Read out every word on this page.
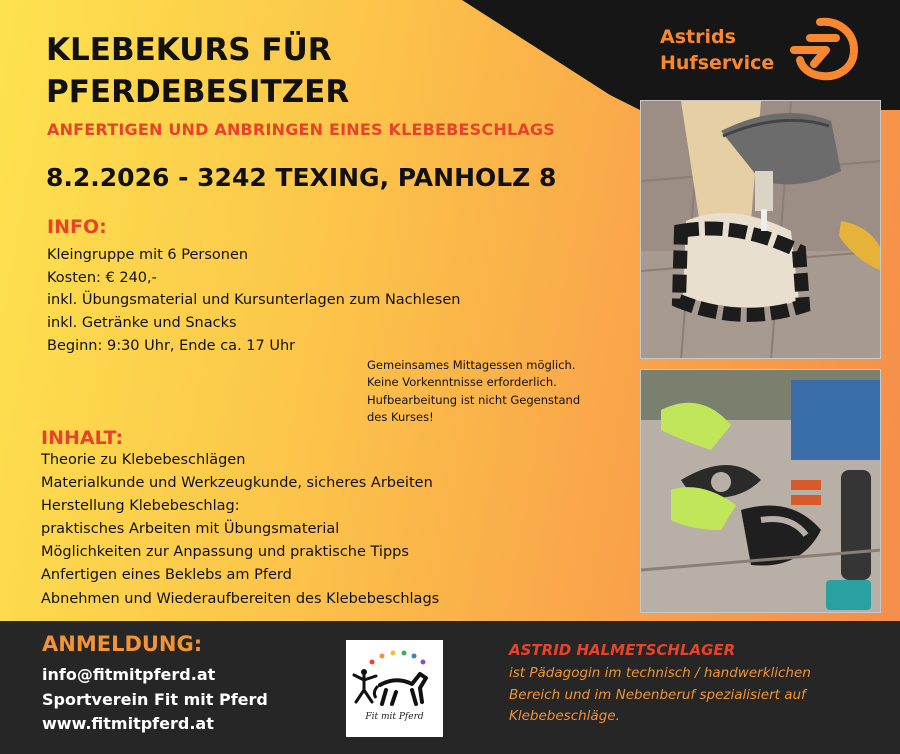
Astrids
Hufservice
KLEBEKURS FÜR
PFERDEBESITZER
ANFERTIGEN UND ANBRINGEN EINES KLEBEBESCHLAGS
8.2.2026 - 3242 TEXING, PANHOLZ 8
INFO:
Kleingruppe mit 6 Personen
Kosten: € 240,-
inkl. Übungsmaterial und Kursunterlagen zum Nachlesen
inkl. Getränke und Snacks
Beginn: 9:30 Uhr, Ende ca. 17 Uhr
Gemeinsames Mittagessen möglich.
Keine Vorkenntnisse erforderlich.
Hufbearbeitung ist nicht Gegenstand
des Kurses!
INHALT:
Theorie zu Klebebeschlägen
Materialkunde und Werkzeugkunde, sicheres Arbeiten
Herstellung Klebebeschlag:
praktisches Arbeiten mit Übungsmaterial
Möglichkeiten zur Anpassung und praktische Tipps
Anfertigen eines Beklebs am Pferd
Abnehmen und Wiederaufbereiten des Klebebeschlags
ANMELDUNG:
info@fitmitpferd.at
Sportverein Fit mit Pferd
www.fitmitpferd.at	Fit mit Pferd
ASTRID HALMETSCHLAGER
ist Pädagogin im technisch / handwerklichen
Bereich und im Nebenberuf spezialisiert auf
Klebebeschläge.
